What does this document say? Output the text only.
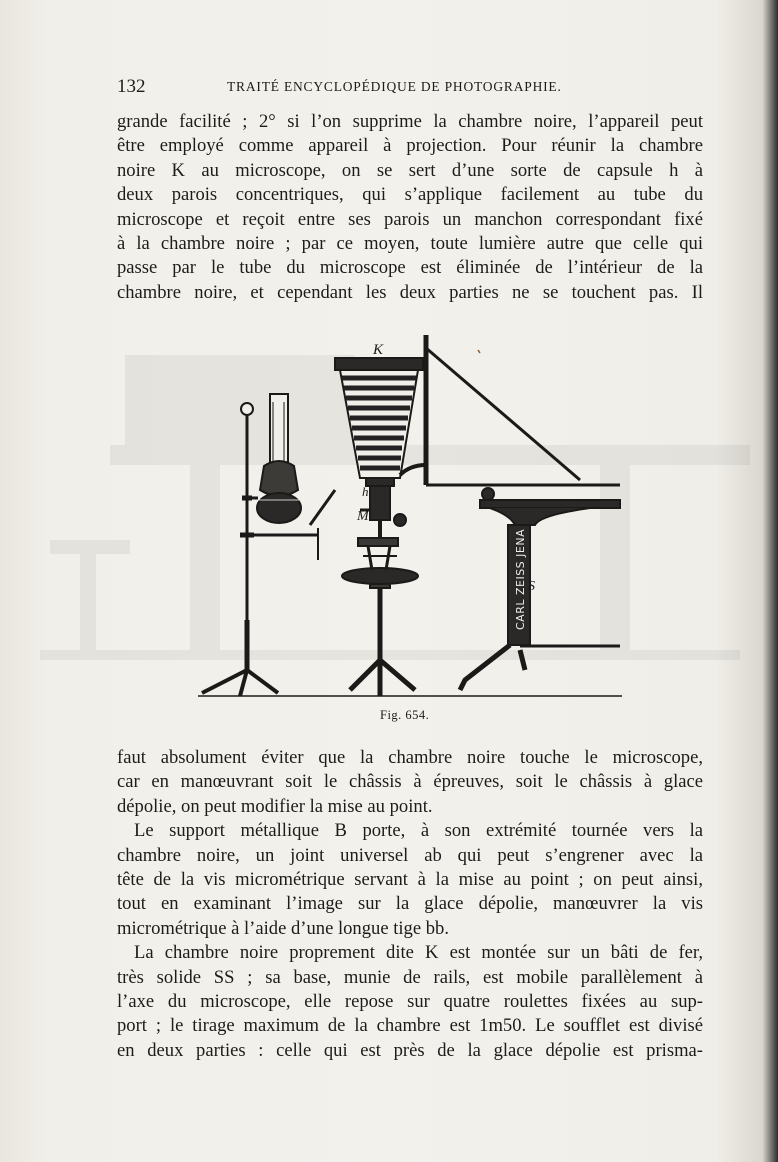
132	TRAITÉ ENCYCLOPÉDIQUE DE PHOTOGRAPHIE.
grande facilité ; 2° si l’on supprime la chambre noire, l’appareil peut
être employé comme appareil à projection. Pour réunir la chambre
noire K au microscope, on se sert d’une sorte de capsule h à
deux parois concentriques, qui s’applique facilement au tube du
microscope et reçoit entre ses parois un manchon correspondant fixé
à la chambre noire ; par ce moyen, toute lumière autre que celle qui
passe par le tube du microscope est éliminée de l’intérieur de la
chambre noire, et cependant les deux parties ne se touchent pas. Il
CARL ZEISS JENA
K
h
M
S
Fig. 654.
faut absolument éviter que la chambre noire touche le microscope,
car en manœuvrant soit le châssis à épreuves, soit le châssis à glace
dépolie, on peut modifier la mise au point.
Le support métallique B porte, à son extrémité tournée vers la
chambre noire, un joint universel ab qui peut s’engrener avec la
tête de la vis micrométrique servant à la mise au point ; on peut ainsi,
tout en examinant l’image sur la glace dépolie, manœuvrer la vis
micrométrique à l’aide d’une longue tige bb.
La chambre noire proprement dite K est montée sur un bâti de fer,
très solide SS ; sa base, munie de rails, est mobile parallèlement à
l’axe du microscope, elle repose sur quatre roulettes fixées au sup-
port ; le tirage maximum de la chambre est 1m50. Le soufflet est divisé
en deux parties : celle qui est près de la glace dépolie est prisma-
